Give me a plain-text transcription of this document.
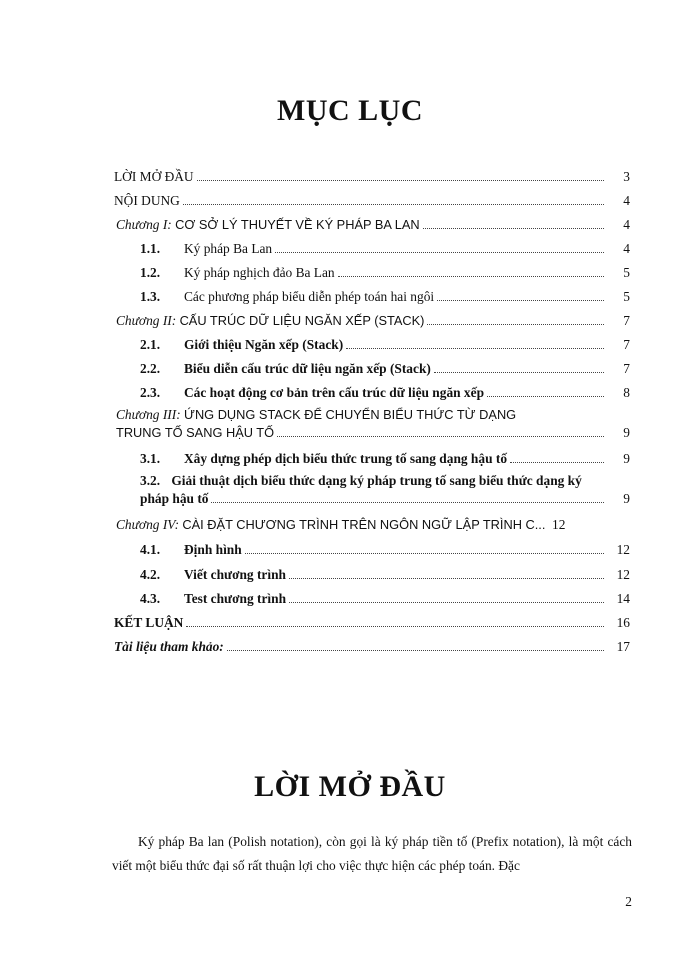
MỤC LỤC
LỜI MỞ ĐẦU	3
NỘI DUNG	4
Chương I: CƠ SỞ LÝ THUYẾT VỀ KÝ PHÁP BA LAN	4
1.1.	Ký pháp Ba Lan	4
1.2.	Ký pháp nghịch đảo Ba Lan	5
1.3.	Các phương pháp biểu diễn phép toán hai ngôi	5
Chương II: CẤU TRÚC DỮ LIỆU NGĂN XẾP (STACK)	7
2.1.	Giới thiệu Ngăn xếp (Stack)	7
2.2.	Biểu diễn cấu trúc dữ liệu ngăn xếp (Stack)	7
2.3.	Các hoạt động cơ bản trên cấu trúc dữ liệu ngăn xếp	8
Chương III: ỨNG DỤNG STACK ĐỂ CHUYỂN BIỂU THỨC TỪ DẠNG
TRUNG TỐ SANG HẬU TỐ	9
3.1.	Xây dựng phép dịch biểu thức trung tố sang dạng hậu tố	9
3.2. Giải thuật dịch biểu thức dạng ký pháp trung tố sang biểu thức dạng ký
pháp hậu tố	9
Chương IV: CÀI ĐẶT CHƯƠNG TRÌNH TRÊN NGÔN NGỮ LẬP TRÌNH C... 12
4.1.	Định hình	12
4.2.	Viết chương trình	12
4.3.	Test chương trình	14
KẾT LUẬN	16
Tài liệu tham khảo:	17
LỜI MỞ ĐẦU
Ký pháp Ba lan (Polish notation), còn gọi là ký pháp tiền tố (Prefix notation), là một cách viết một biểu thức đại số rất thuận lợi cho việc thực hiện các phép toán. Đặc
2
